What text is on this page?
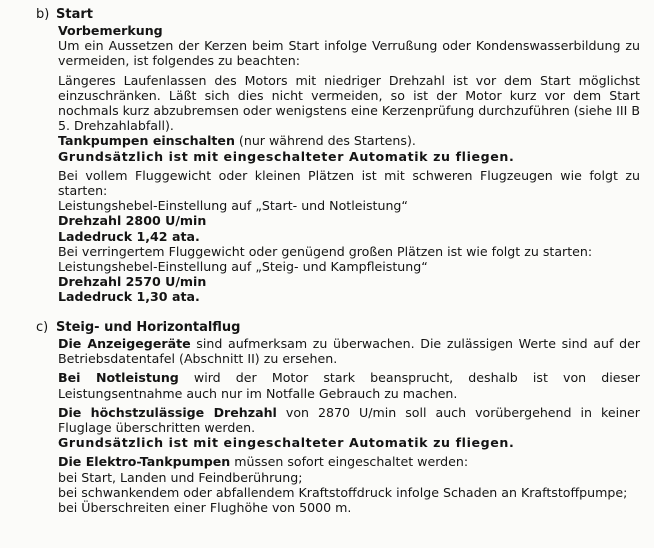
b) Start
Vorbemerkung

Um ein Aussetzen der Kerzen beim Start infolge Verrußung oder Kondenswasserbildung zu vermeiden, ist folgendes zu beachten:

Längeres Laufenlassen des Motors mit niedriger Drehzahl ist vor dem Start möglichst einzuschränken. Läßt sich dies nicht vermeiden, so ist der Motor kurz vor dem Start nochmals kurz abzubremsen oder wenigstens eine Kerzenprüfung durchzuführen (siehe III B 5. Drehzahlabfall).

Tankpumpen einschalten (nur während des Startens).

Grundsätzlich ist mit eingeschalteter Automatik zu fliegen.

Bei vollem Fluggewicht oder kleinen Plätzen ist mit schweren Flugzeugen wie folgt zu starten:

Leistungshebel-Einstellung auf „Start- und Notleistung“

Drehzahl 2800 U/min

Ladedruck 1,42 ata.

Bei verringertem Fluggewicht oder genügend großen Plätzen ist wie folgt zu starten:

Leistungshebel-Einstellung auf „Steig- und Kampfleistung“

Drehzahl 2570 U/min

Ladedruck 1,30 ata.

c) Steig- und Horizontalflug

Die Anzeigegeräte sind aufmerksam zu überwachen. Die zulässigen Werte sind auf der Betriebsdatentafel (Abschnitt II) zu ersehen.

Bei Notleistung wird der Motor stark beansprucht, deshalb ist von dieser Leistungsentnahme auch nur im Notfalle Gebrauch zu machen.

Die höchstzulässige Drehzahl von 2870 U/min soll auch vorübergehend in keiner Fluglage überschritten werden.

Grundsätzlich ist mit eingeschalteter Automatik zu fliegen.

Die Elektro-Tankpumpen müssen sofort eingeschaltet werden:

bei Start, Landen und Feindberührung;

bei schwankendem oder abfallendem Kraftstoffdruck infolge Schaden an Kraftstoffpumpe;

bei Überschreiten einer Flughöhe von 5000 m.
